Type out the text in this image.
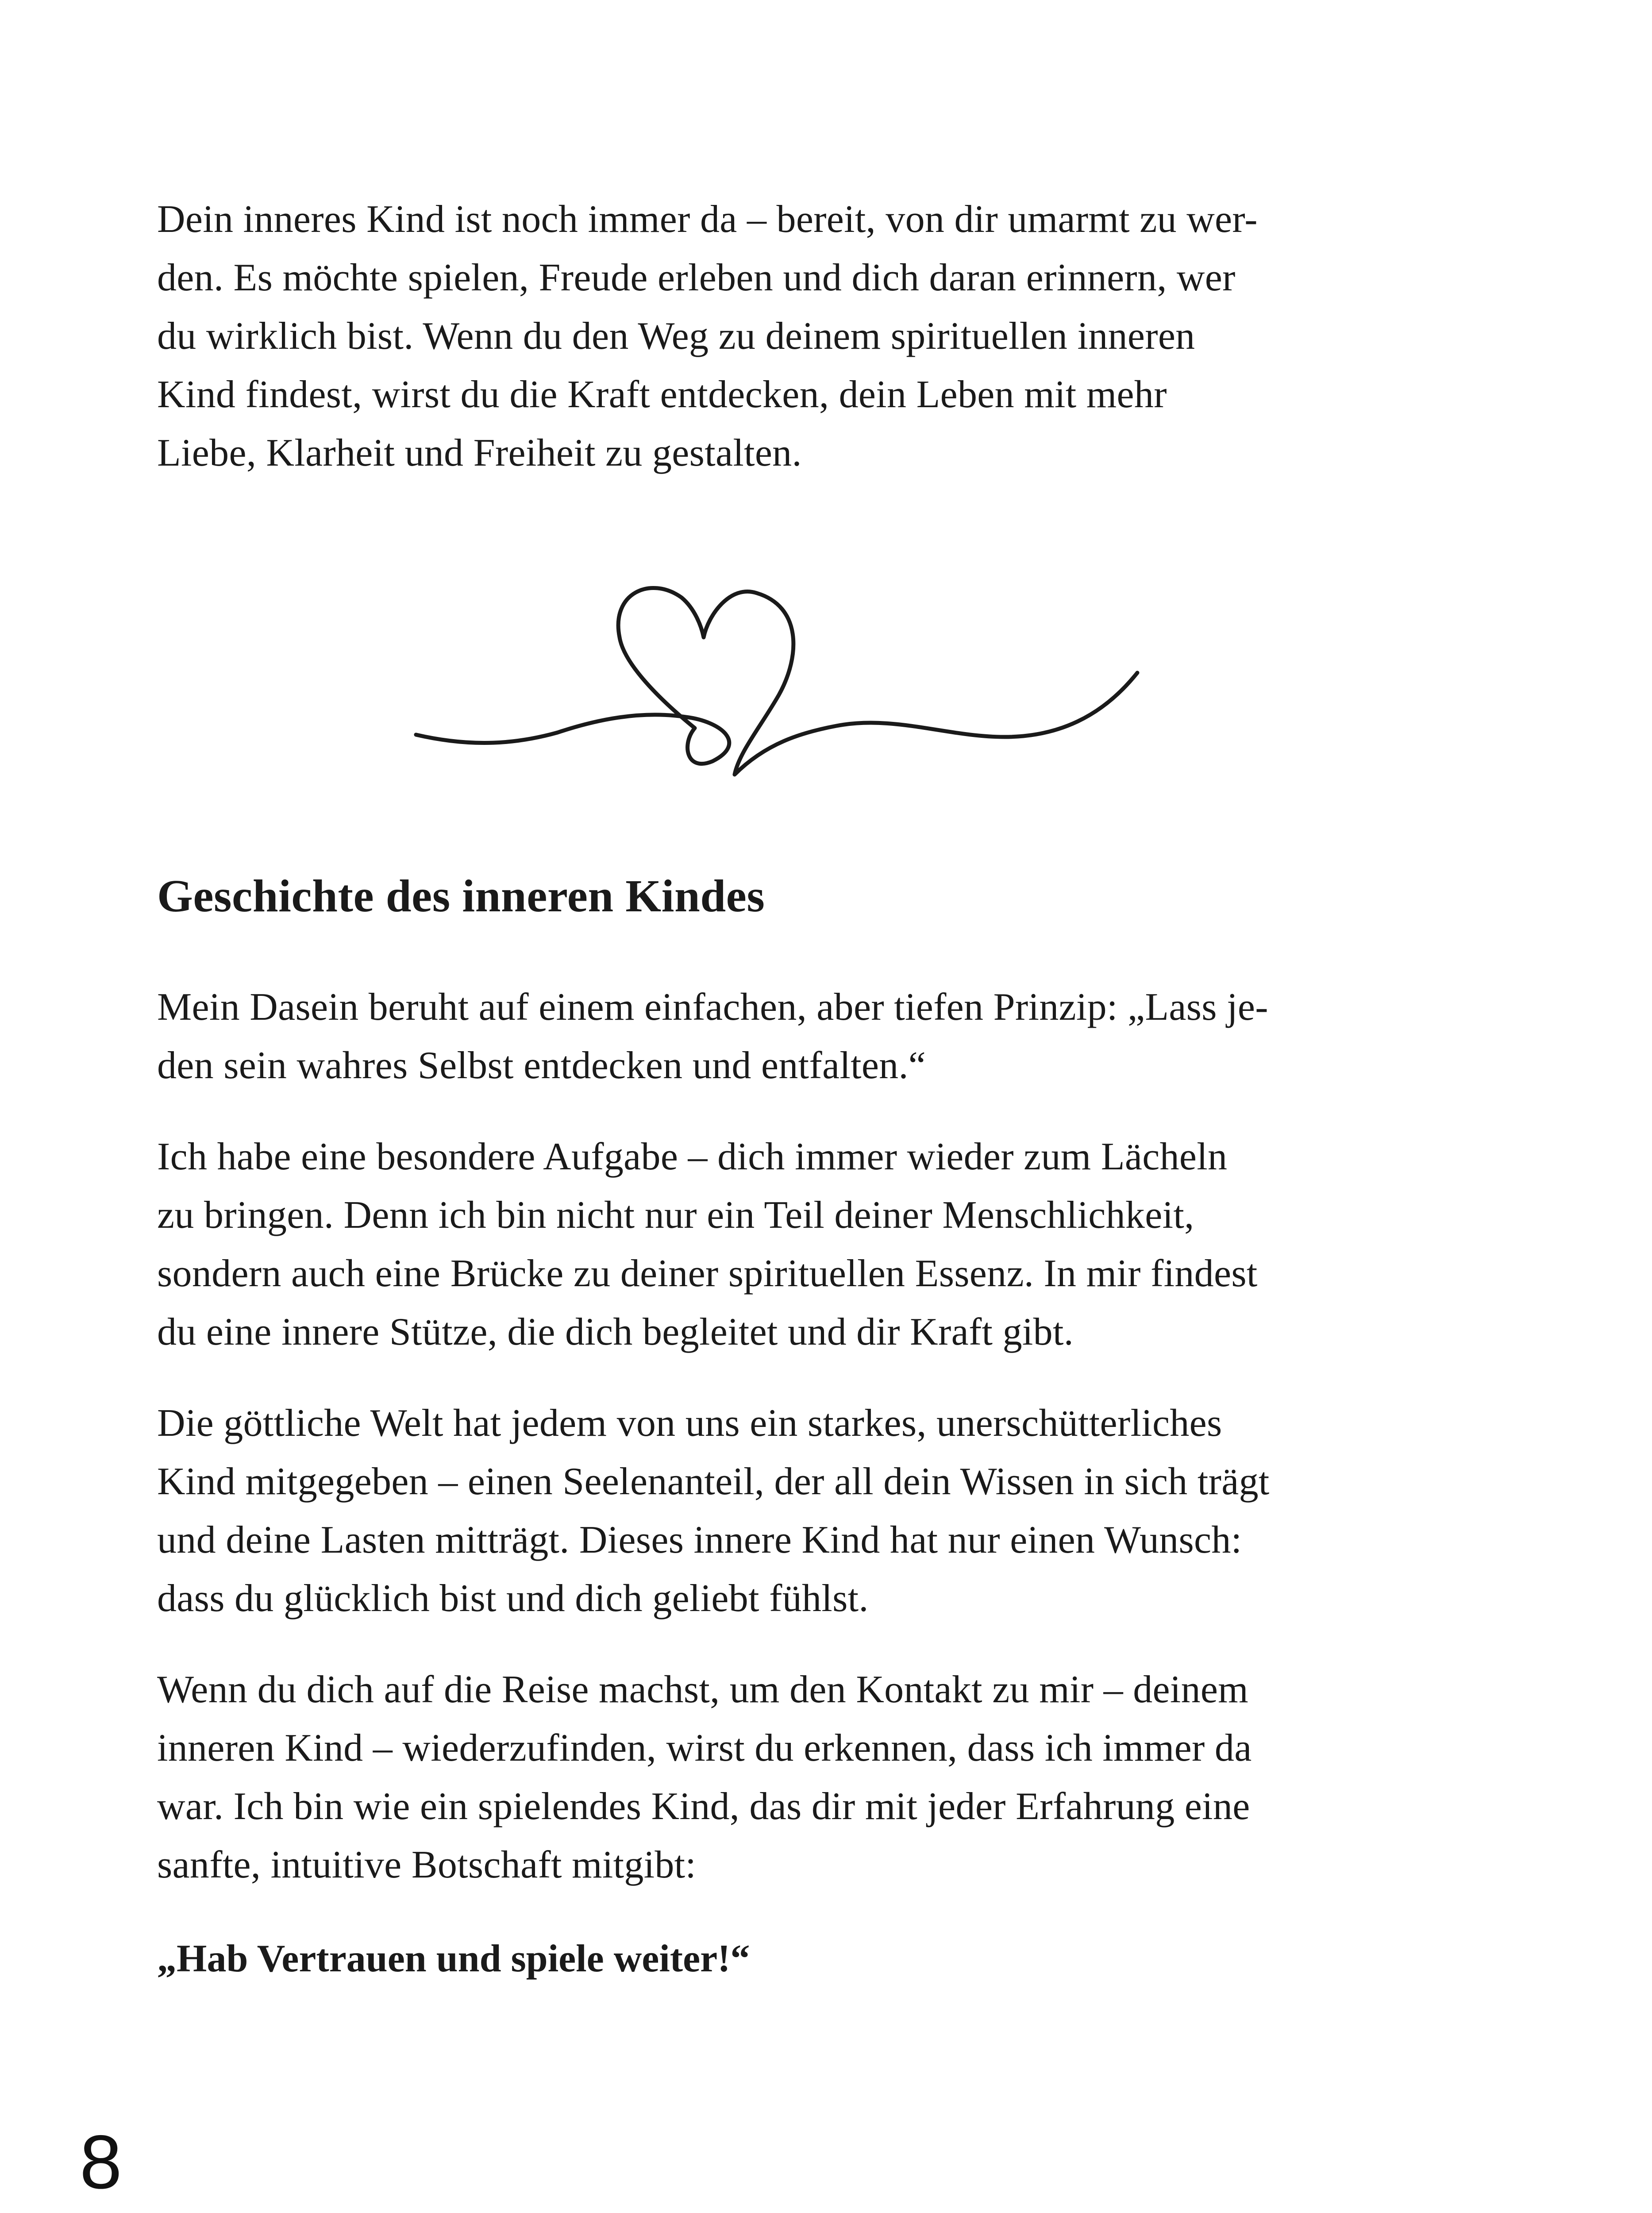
Dein inneres Kind ist noch immer da – bereit, von dir umarmt zu wer-
den. Es möchte spielen, Freude erleben und dich daran erinnern, wer
du wirklich bist. Wenn du den Weg zu deinem spirituellen inneren
Kind findest, wirst du die Kraft entdecken, dein Leben mit mehr
Liebe, Klarheit und Freiheit zu gestalten.

Geschichte des inneren Kindes

Mein Dasein beruht auf einem einfachen, aber tiefen Prinzip: „Lass je-
den sein wahres Selbst entdecken und entfalten.“

Ich habe eine besondere Aufgabe – dich immer wieder zum Lächeln
zu bringen. Denn ich bin nicht nur ein Teil deiner Menschlichkeit,
sondern auch eine Brücke zu deiner spirituellen Essenz. In mir findest
du eine innere Stütze, die dich begleitet und dir Kraft gibt.

Die göttliche Welt hat jedem von uns ein starkes, unerschütterliches
Kind mitgegeben – einen Seelenanteil, der all dein Wissen in sich trägt
und deine Lasten mitträgt. Dieses innere Kind hat nur einen Wunsch:
dass du glücklich bist und dich geliebt fühlst.

Wenn du dich auf die Reise machst, um den Kontakt zu mir – deinem
inneren Kind – wiederzufinden, wirst du erkennen, dass ich immer da
war. Ich bin wie ein spielendes Kind, das dir mit jeder Erfahrung eine
sanfte, intuitive Botschaft mitgibt:

„Hab Vertrauen und spiele weiter!“

8
